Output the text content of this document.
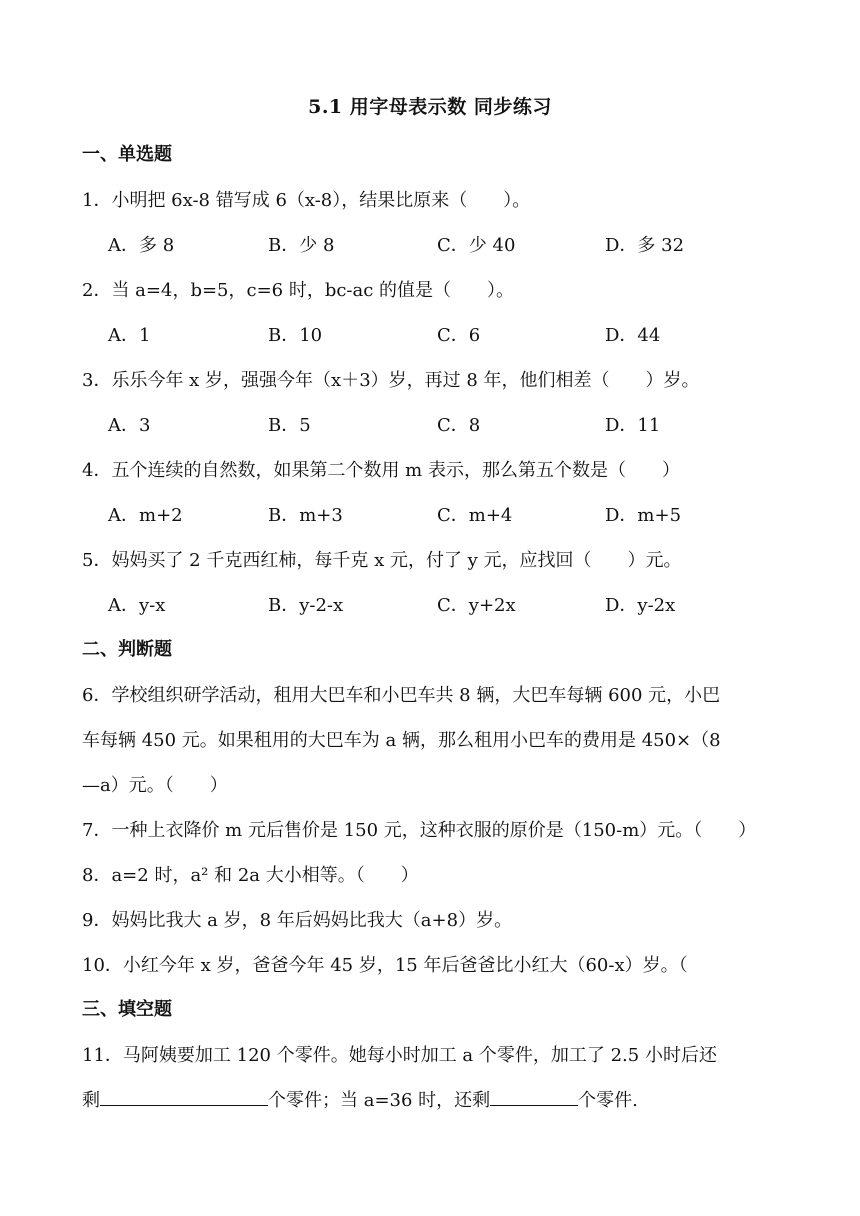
5.1 用字母表示数 同步练习
一、单选题
1．小明把 6x-8 错写成 6（x-8），结果比原来（　　）。
A．多 8	B．少 8	C．少 40	D．多 32
2．当 a=4，b=5，c=6 时，bc-ac 的值是（　　）。
A．1	B．10	C．6	D．44
3．乐乐今年 x 岁，强强今年（x＋3）岁，再过 8 年，他们相差（　　）岁。
A．3	B．5	C．8	D．11
4．五个连续的自然数，如果第二个数用 m 表示，那么第五个数是（　　）
A．m+2	B．m+3	C．m+4	D．m+5
5．妈妈买了 2 千克西红柿，每千克 x 元，付了 y 元，应找回（　　）元。
A．y-x	B．y-2-x	C．y+2x	D．y-2x
二、判断题
6．学校组织研学活动，租用大巴车和小巴车共 8 辆，大巴车每辆 600 元，小巴
车每辆 450 元。如果租用的大巴车为 a 辆，那么租用小巴车的费用是 450×（8
—a）元。（　　）
7．一种上衣降价 m 元后售价是 150 元，这种衣服的原价是（150-m）元。（　　）
8．a=2 时，a² 和 2a 大小相等。（　　）
9．妈妈比我大 a 岁，8 年后妈妈比我大（a+8）岁。
10．小红今年 x 岁，爸爸今年 45 岁，15 年后爸爸比小红大（60-x）岁。（
三、填空题
11．马阿姨要加工 120 个零件。她每小时加工 a 个零件，加工了 2.5 小时后还
剩	个零件；当 a=36 时，还剩	个零件.
